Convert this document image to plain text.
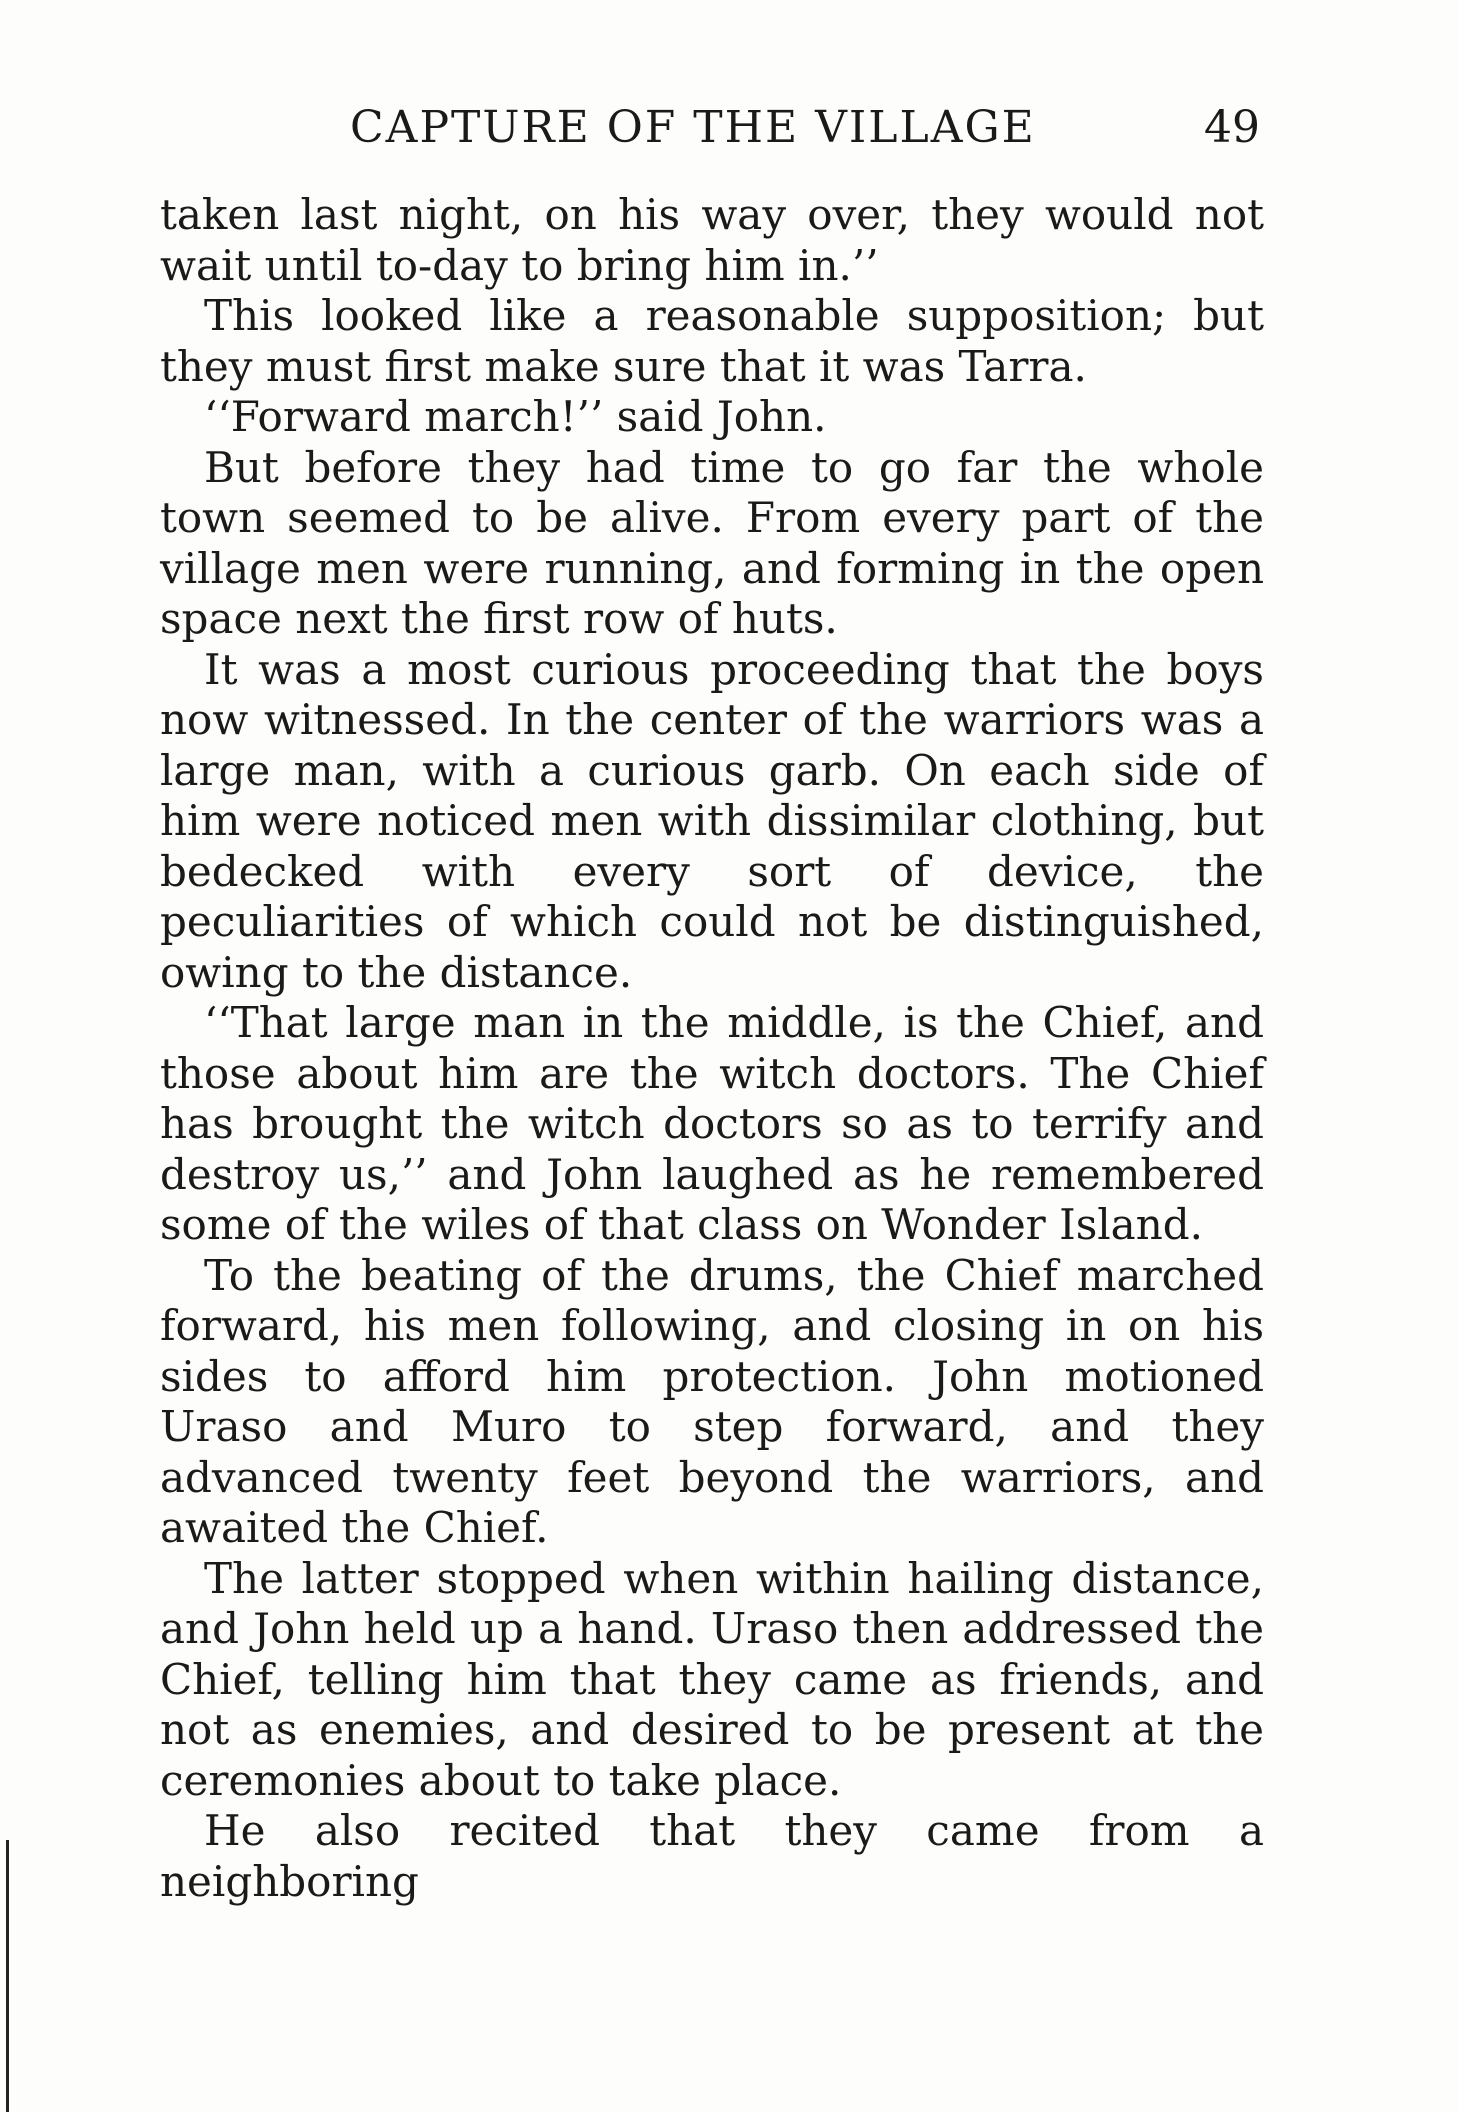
CAPTURE OF THE VILLAGE	49

taken last night, on his way over, they would not wait until to-day to bring him in.’’

This looked like a reasonable supposition; but they must first make sure that it was Tarra.

‘‘Forward march!’’ said John.

But before they had time to go far the whole town seemed to be alive. From every part of the village men were running, and forming in the open space next the first row of huts.

It was a most curious proceeding that the boys now witnessed. In the center of the warriors was a large man, with a curious garb. On each side of him were noticed men with dissimilar clothing, but bedecked with every sort of device, the peculiarities of which could not be distinguished, owing to the distance.

‘‘That large man in the middle, is the Chief, and those about him are the witch doctors. The Chief has brought the witch doctors so as to terrify and destroy us,’’ and John laughed as he remembered some of the wiles of that class on Wonder Island.

To the beating of the drums, the Chief marched forward, his men following, and closing in on his sides to afford him protection. John motioned Uraso and Muro to step forward, and they advanced twenty feet beyond the warriors, and awaited the Chief.

The latter stopped when within hailing distance, and John held up a hand. Uraso then addressed the Chief, telling him that they came as friends, and not as enemies, and desired to be present at the ceremonies about to take place.

He also recited that they came from a neighboring
